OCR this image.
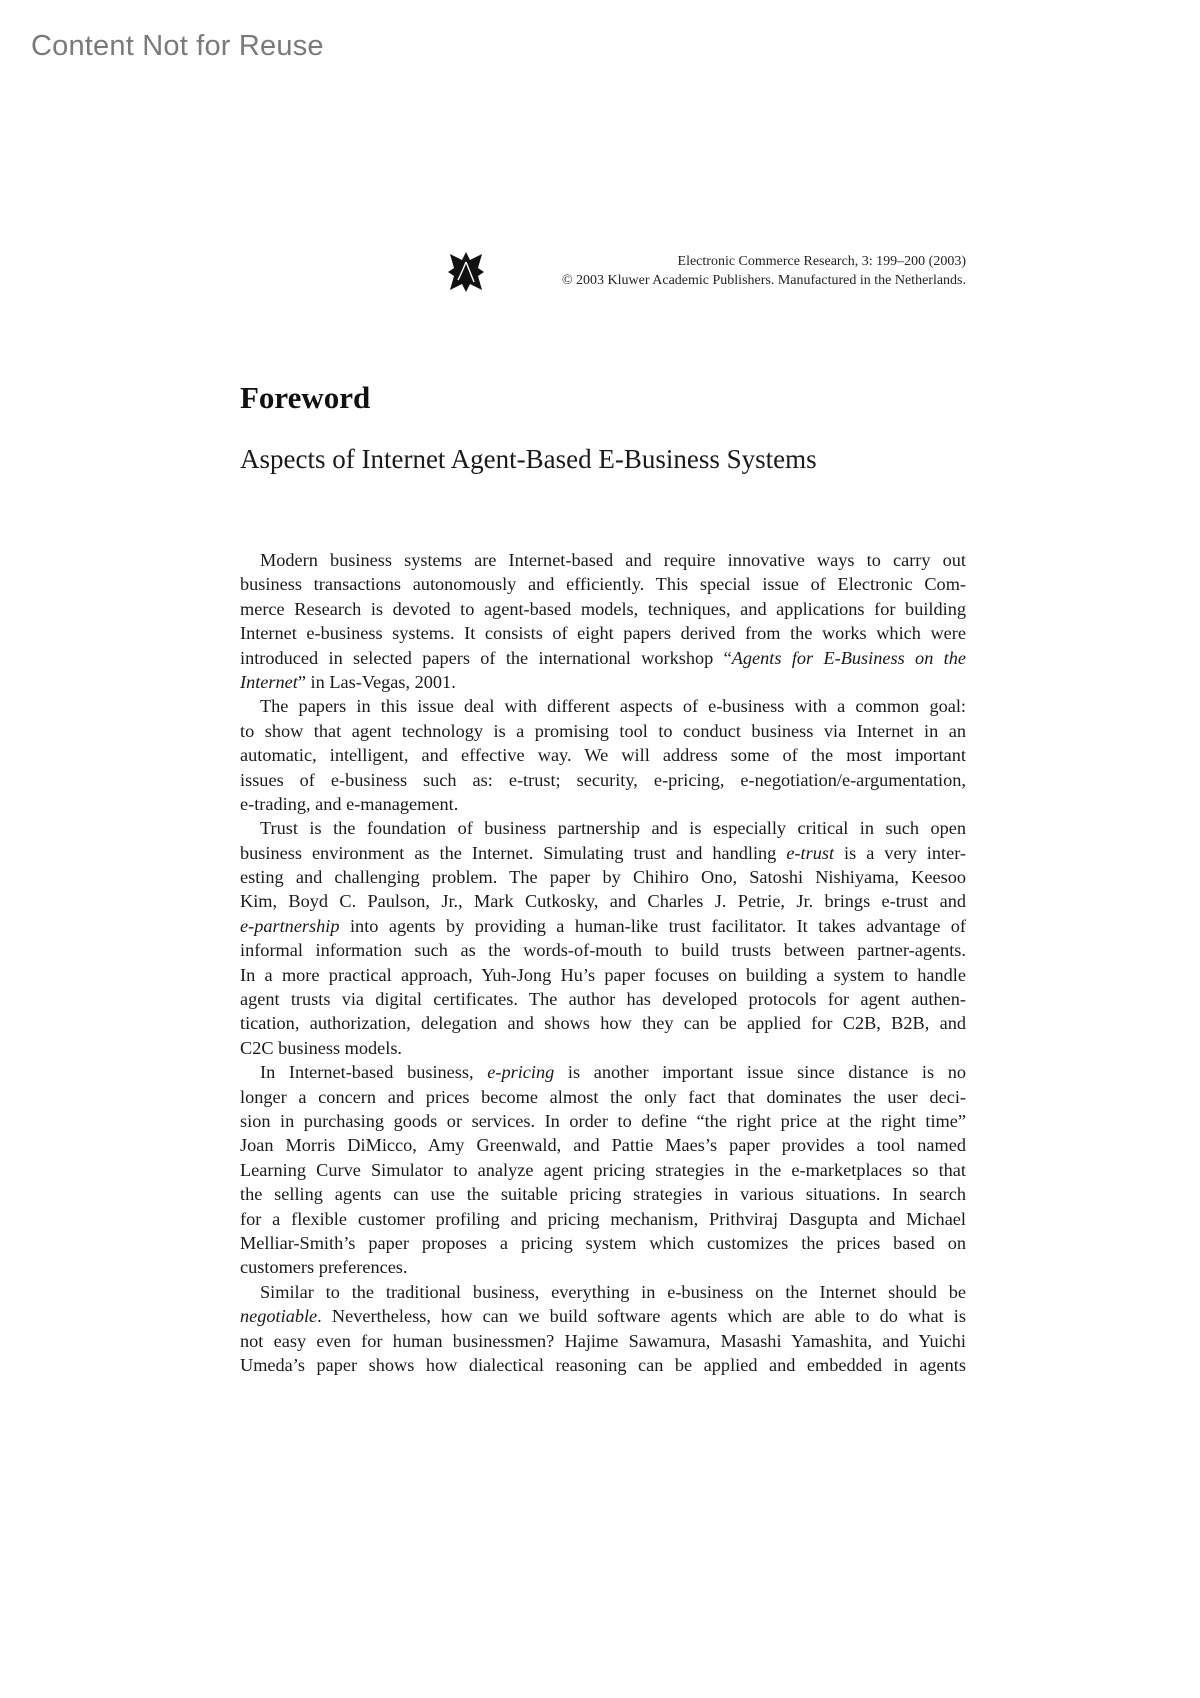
Content Not for Reuse
Electronic Commerce Research, 3: 199–200 (2003)
© 2003 Kluwer Academic Publishers. Manufactured in the Netherlands.
Foreword
Aspects of Internet Agent-Based E-Business Systems
Modern business systems are Internet-based and require innovative ways to carry out
business transactions autonomously and efficiently. This special issue of Electronic Com-
merce Research is devoted to agent-based models, techniques, and applications for building
Internet e-business systems. It consists of eight papers derived from the works which were
introduced in selected papers of the international workshop “Agents for E-Business on the
Internet” in Las-Vegas, 2001.
The papers in this issue deal with different aspects of e-business with a common goal:
to show that agent technology is a promising tool to conduct business via Internet in an
automatic, intelligent, and effective way. We will address some of the most important
issues of e-business such as: e-trust; security, e-pricing, e-negotiation/e-argumentation,
e-trading, and e-management.
Trust is the foundation of business partnership and is especially critical in such open
business environment as the Internet. Simulating trust and handling e-trust is a very inter-
esting and challenging problem. The paper by Chihiro Ono, Satoshi Nishiyama, Keesoo
Kim, Boyd C. Paulson, Jr., Mark Cutkosky, and Charles J. Petrie, Jr. brings e-trust and
e-partnership into agents by providing a human-like trust facilitator. It takes advantage of
informal information such as the words-of-mouth to build trusts between partner-agents.
In a more practical approach, Yuh-Jong Hu’s paper focuses on building a system to handle
agent trusts via digital certificates. The author has developed protocols for agent authen-
tication, authorization, delegation and shows how they can be applied for C2B, B2B, and
C2C business models.
In Internet-based business, e-pricing is another important issue since distance is no
longer a concern and prices become almost the only fact that dominates the user deci-
sion in purchasing goods or services. In order to define “the right price at the right time”
Joan Morris DiMicco, Amy Greenwald, and Pattie Maes’s paper provides a tool named
Learning Curve Simulator to analyze agent pricing strategies in the e-marketplaces so that
the selling agents can use the suitable pricing strategies in various situations. In search
for a flexible customer profiling and pricing mechanism, Prithviraj Dasgupta and Michael
Melliar-Smith’s paper proposes a pricing system which customizes the prices based on
customers preferences.
Similar to the traditional business, everything in e-business on the Internet should be
negotiable. Nevertheless, how can we build software agents which are able to do what is
not easy even for human businessmen? Hajime Sawamura, Masashi Yamashita, and Yuichi
Umeda’s paper shows how dialectical reasoning can be applied and embedded in agents
